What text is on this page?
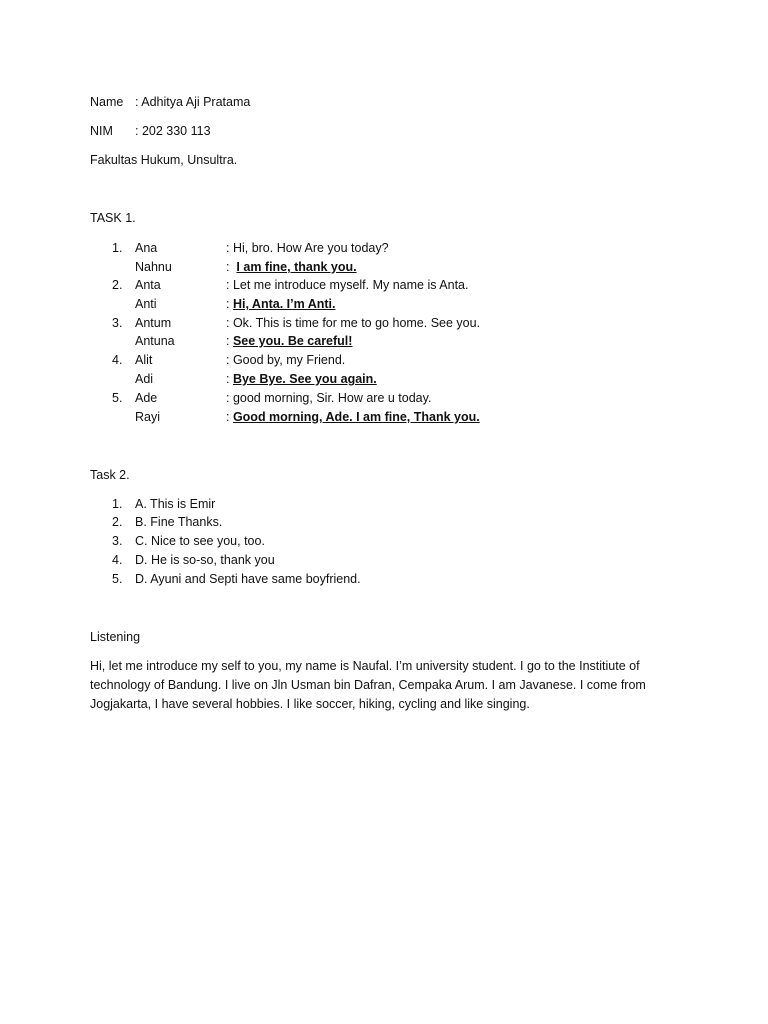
Name : Adhitya Aji Pratama
NIM : 202 330 113
Fakultas Hukum, Unsultra.
TASK 1.
1. Ana	: Hi, bro. How Are you today?
Nahnu	:  I am fine, thank you.
2. Anta	: Let me introduce myself. My name is Anta.
Anti	: Hi, Anta. I’m Anti.
3. Antum	: Ok. This is time for me to go home. See you.
Antuna	: See you. Be careful!
4. Alit	: Good by, my Friend.
Adi	: Bye Bye. See you again.
5. Ade	: good morning, Sir. How are u today.
Rayi	: Good morning, Ade. I am fine, Thank you.
Task 2.
1. A. This is Emir
2. B. Fine Thanks.
3. C. Nice to see you, too.
4. D. He is so-so, thank you
5. D. Ayuni and Septi have same boyfriend.
Listening
Hi, let me introduce my self to you, my name is Naufal. I’m university student. I go to the Institiute of technology of Bandung. I live on Jln Usman bin Dafran, Cempaka Arum. I am Javanese. I come from Jogjakarta, I have several hobbies. I like soccer, hiking, cycling and like singing.
